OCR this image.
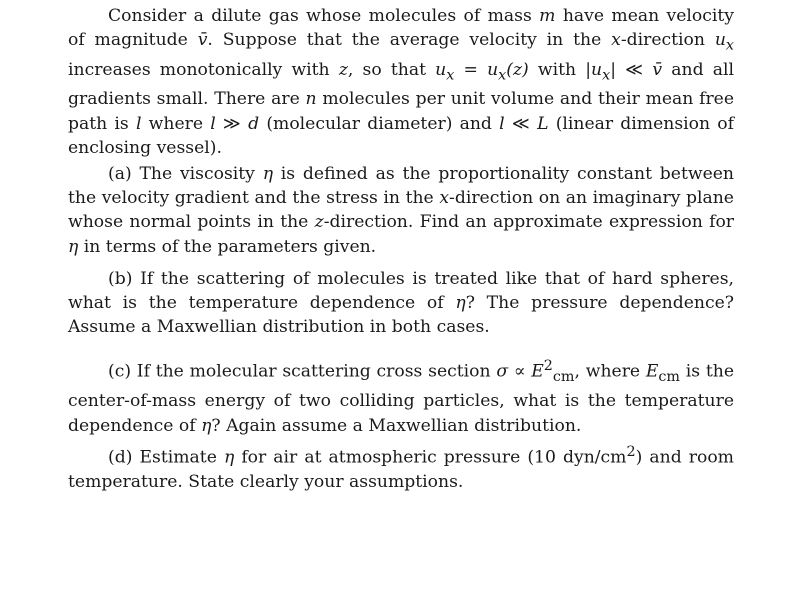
Consider a dilute gas whose molecules of mass m have mean velocity of magnitude v̄. Suppose that the average velocity in the x-direction $u_x$ increases monotonically with z, so that $u_x = u_x(z)$ with $|u_x|$ ≪ v̄ and all gradients small. There are n molecules per unit volume and their mean free path is l where l ≫ d (molecular diameter) and l ≪ L (linear dimension of enclosing vessel).

(a) The viscosity η is defined as the proportionality constant between the velocity gradient and the stress in the x-direction on an imaginary plane whose normal points in the z-direction. Find an approximate expression for η in terms of the parameters given.

(b) If the scattering of molecules is treated like that of hard spheres, what is the temperature dependence of η? The pressure dependence? Assume a Maxwellian distribution in both cases.

(c) If the molecular scattering cross section $\sigma \propto E^2_{cm}$, where $E_{cm}$ is the center-of-mass energy of two colliding particles, what is the temperature dependence of η? Again assume a Maxwellian distribution.

(d) Estimate η for air at atmospheric pressure (10 dyn/$cm^2$) and room temperature. State clearly your assumptions.
